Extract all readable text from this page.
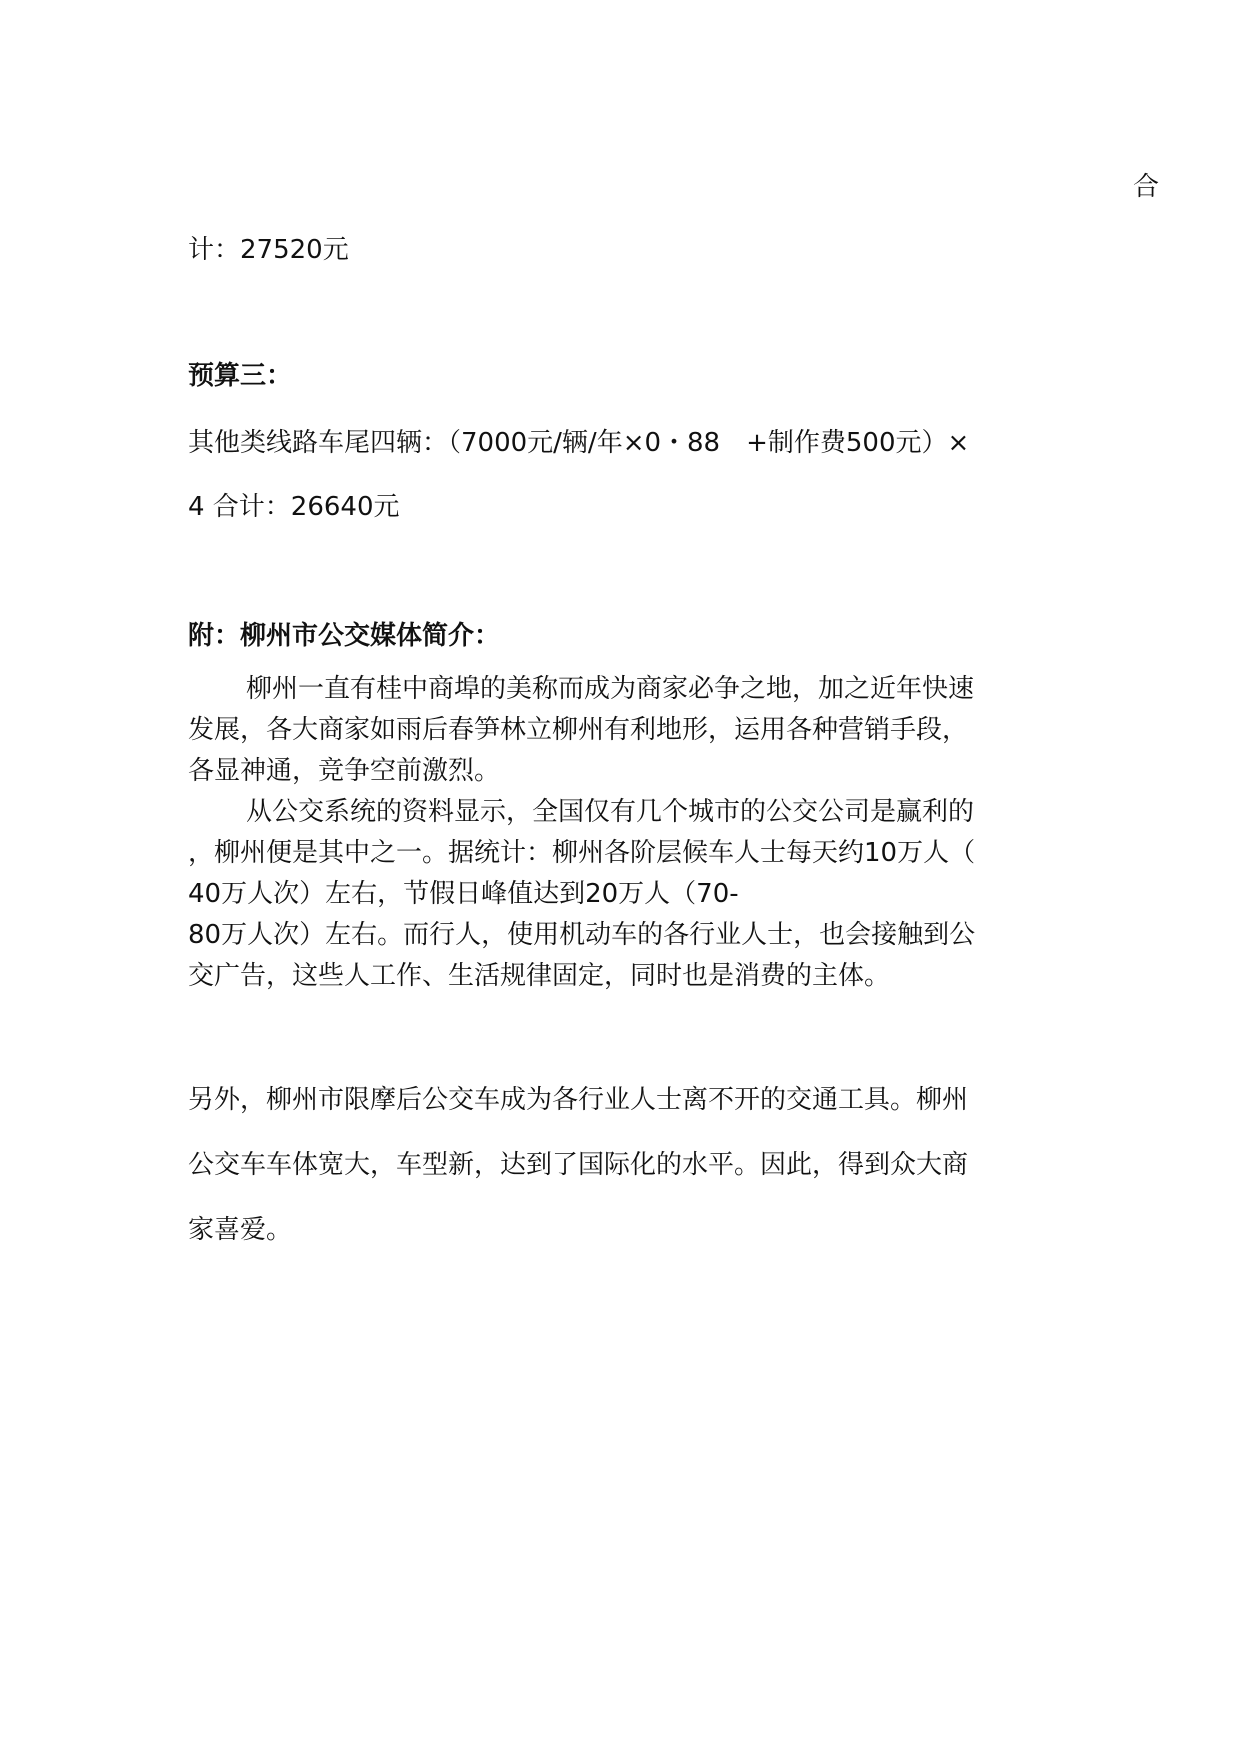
合

计：27520元

预算三：

其他类线路车尾四辆：（7000元/辆/年×0・88　+制作费500元）×

4 合计：26640元

附：柳州市公交媒体简介：

柳州一直有桂中商埠的美称而成为商家必争之地，加之近年快速
发展，各大商家如雨后春笋林立柳州有利地形，运用各种营销手段，
各显神通，竞争空前激烈。
从公交系统的资料显示，全国仅有几个城市的公交公司是赢利的
，柳州便是其中之一。据统计：柳州各阶层候车人士每天约10万人（
40万人次）左右，节假日峰值达到20万人（70-
80万人次）左右。而行人，使用机动车的各行业人士，也会接触到公
交广告，这些人工作、生活规律固定，同时也是消费的主体。

另外，柳州市限摩后公交车成为各行业人士离不开的交通工具。柳州

公交车车体宽大，车型新，达到了国际化的水平。因此，得到众大商

家喜爱。
